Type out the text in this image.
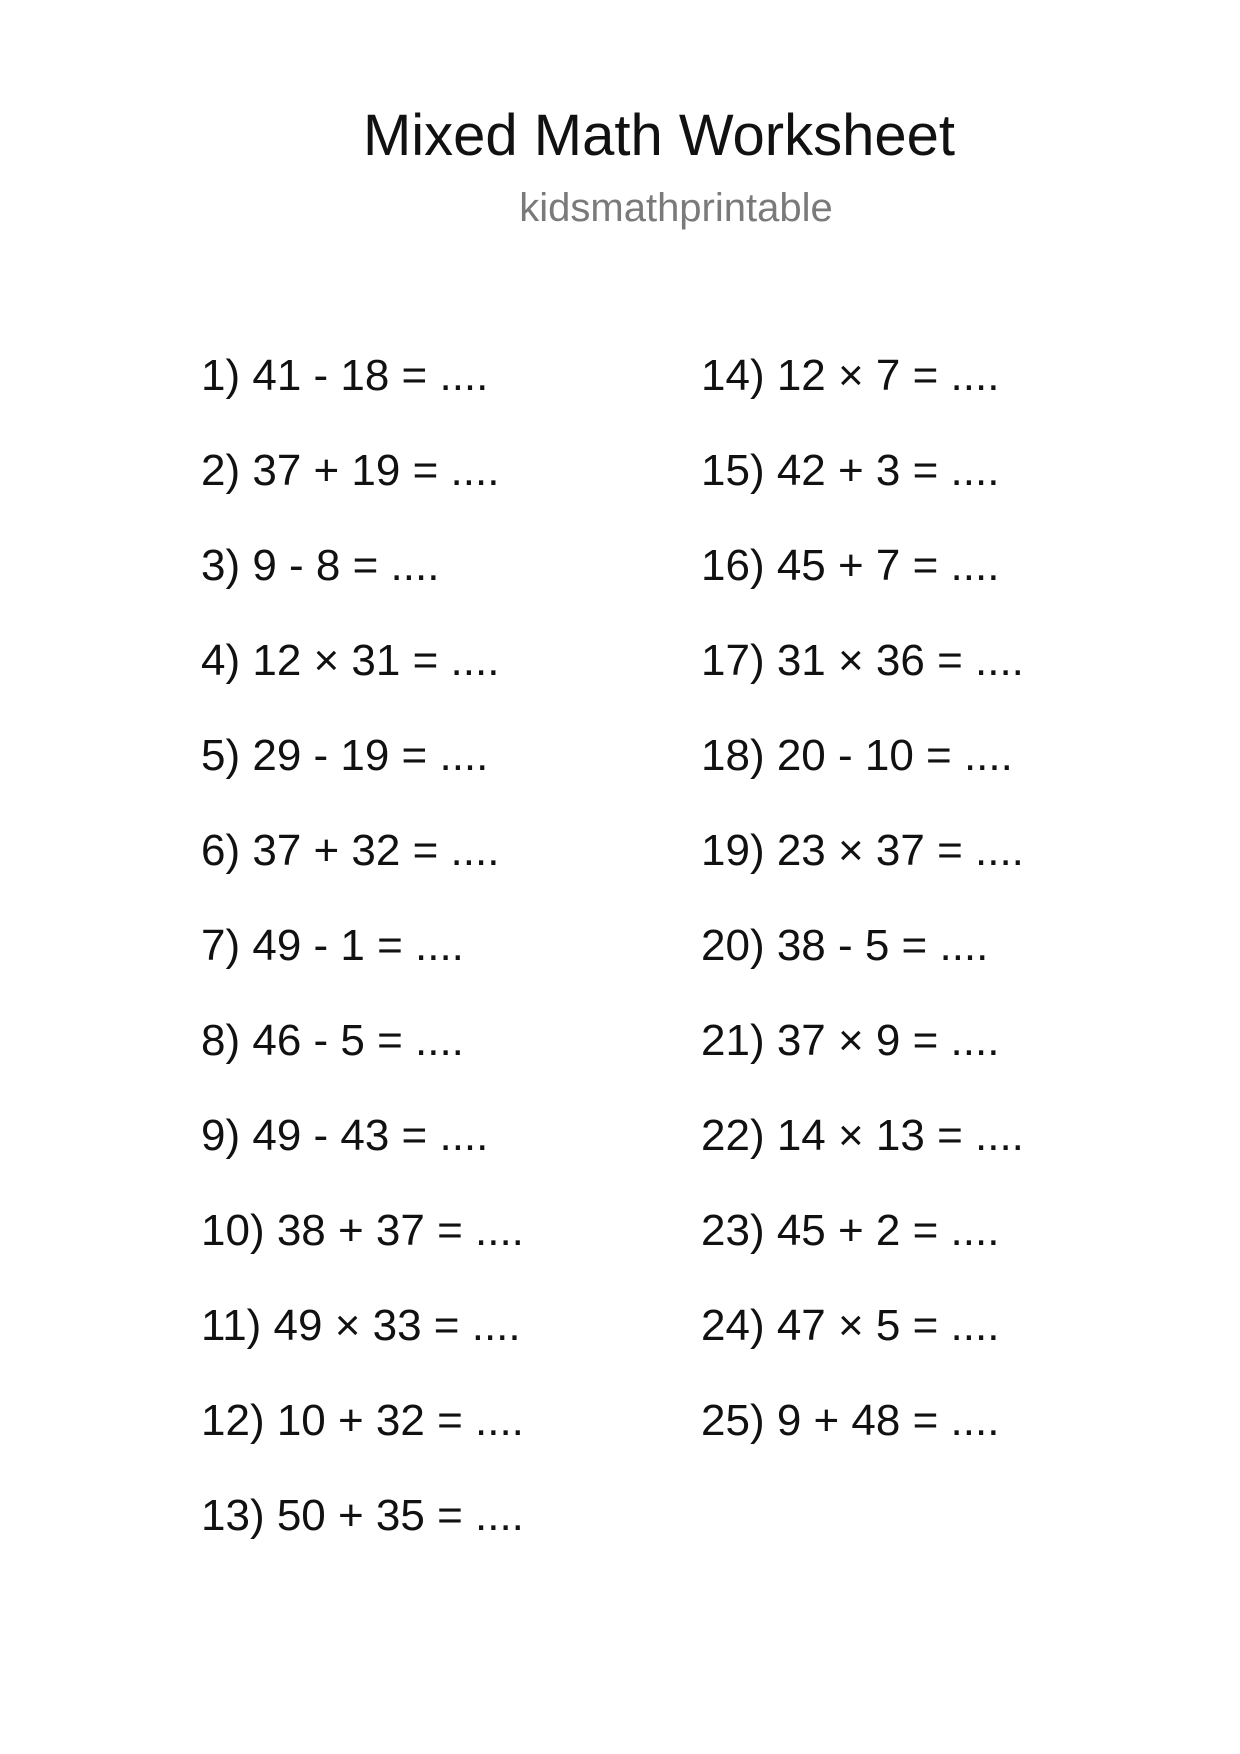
Mixed Math Worksheet
kidsmathprintable
1) 41 - 18 = ....
2) 37 + 19 = ....
3) 9 - 8 = ....
4) 12 × 31 = ....
5) 29 - 19 = ....
6) 37 + 32 = ....
7) 49 - 1 = ....
8) 46 - 5 = ....
9) 49 - 43 = ....
10) 38 + 37 = ....
11) 49 × 33 = ....
12) 10 + 32 = ....
13) 50 + 35 = ....
14) 12 × 7 = ....
15) 42 + 3 = ....
16) 45 + 7 = ....
17) 31 × 36 = ....
18) 20 - 10 = ....
19) 23 × 37 = ....
20) 38 - 5 = ....
21) 37 × 9 = ....
22) 14 × 13 = ....
23) 45 + 2 = ....
24) 47 × 5 = ....
25) 9 + 48 = ....
